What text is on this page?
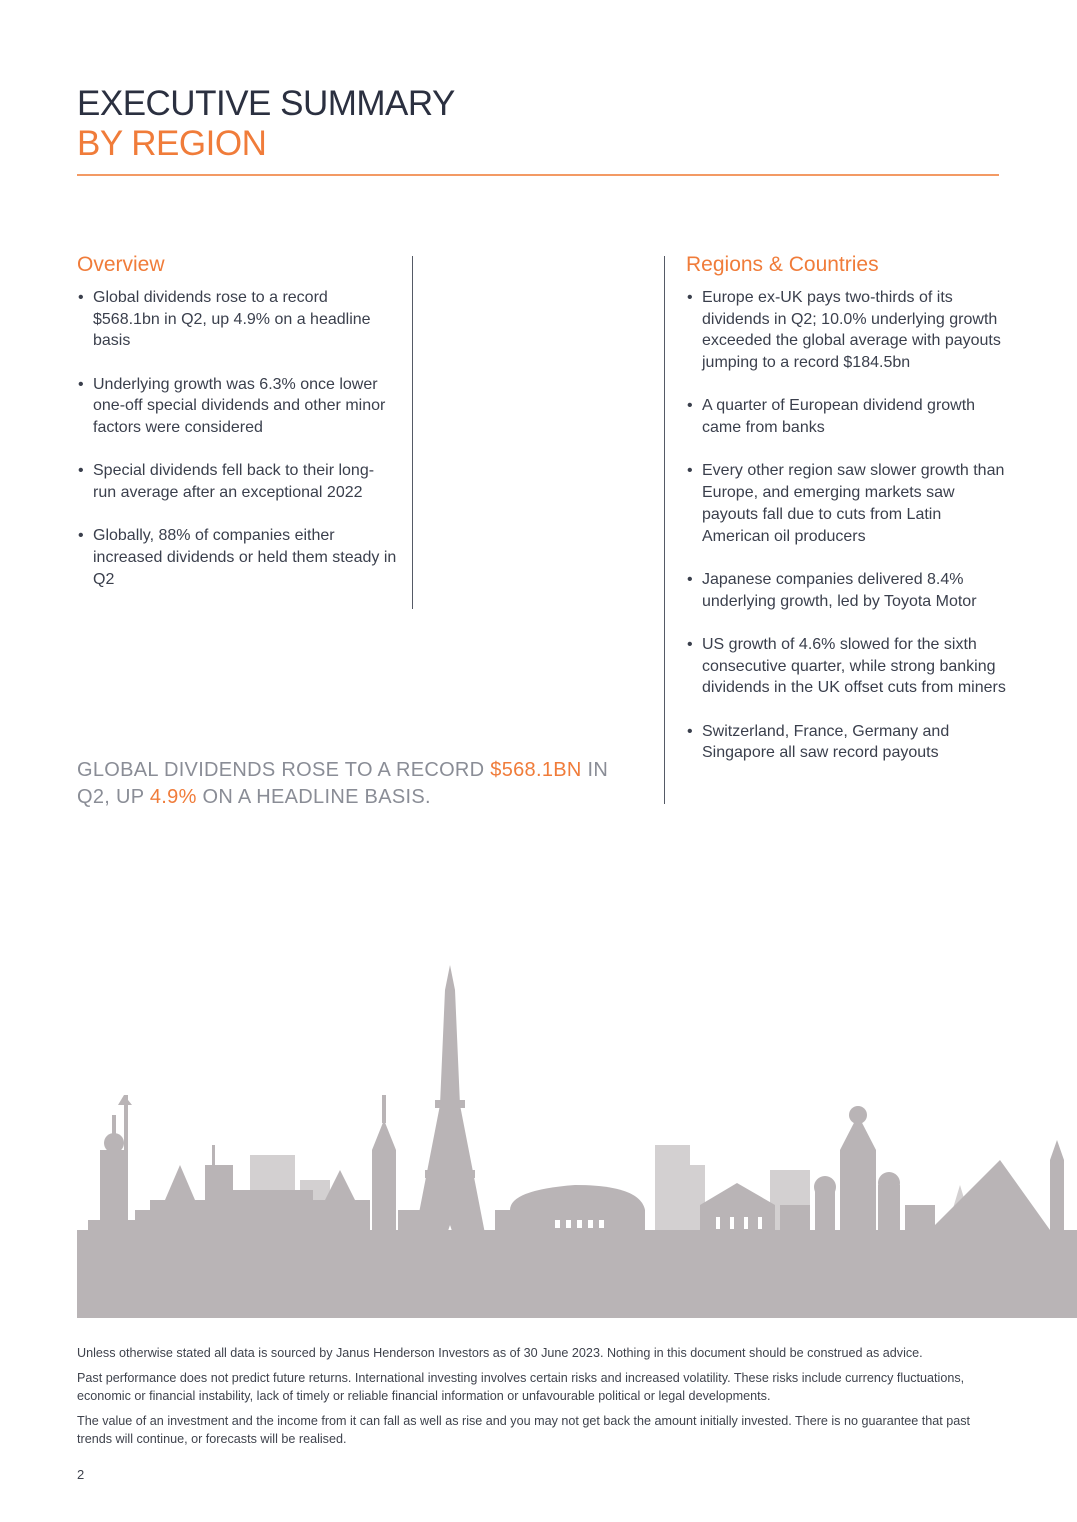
EXECUTIVE SUMMARY
BY REGION
Overview
• Global dividends rose to a record $568.1bn in Q2, up 4.9% on a headline basis
• Underlying growth was 6.3% once lower one-off special dividends and other minor factors were considered
• Special dividends fell back to their long-run average after an exceptional 2022
• Globally, 88% of companies either increased dividends or held them steady in Q2
Regions & Countries
• Europe ex-UK pays two-thirds of its dividends in Q2; 10.0% underlying growth exceeded the global average with payouts jumping to a record $184.5bn
• A quarter of European dividend growth came from banks
• Every other region saw slower growth than Europe, and emerging markets saw payouts fall due to cuts from Latin American oil producers
• Japanese companies delivered 8.4% underlying growth, led by Toyota Motor
• US growth of 4.6% slowed for the sixth consecutive quarter, while strong banking dividends in the UK offset cuts from miners
• Switzerland, France, Germany and Singapore all saw record payouts
GLOBAL DIVIDENDS ROSE TO A RECORD $568.1BN IN Q2, UP 4.9% ON A HEADLINE BASIS.

Unless otherwise stated all data is sourced by Janus Henderson Investors as of 30 June 2023. Nothing in this document should be construed as advice.

Past performance does not predict future returns. International investing involves certain risks and increased volatility. These risks include currency fluctuations, economic or financial instability, lack of timely or reliable financial information or unfavourable political or legal developments.

The value of an investment and the income from it can fall as well as rise and you may not get back the amount initially invested. There is no guarantee that past trends will continue, or forecasts will be realised.

2
